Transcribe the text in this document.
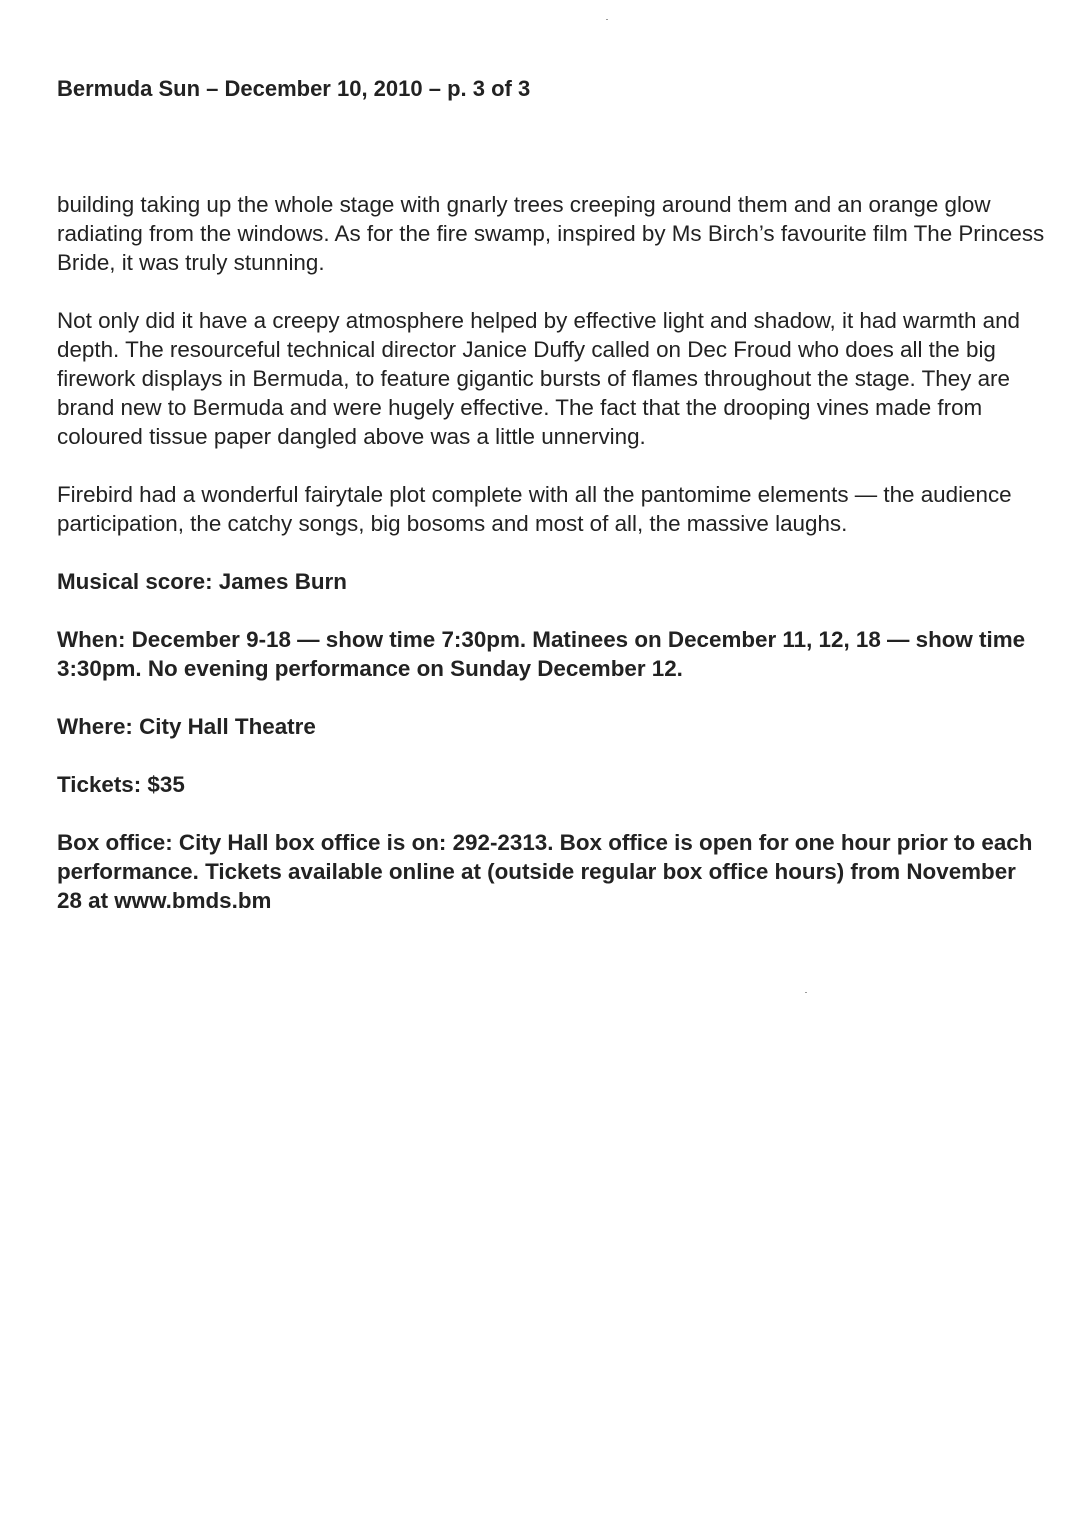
Bermuda Sun – December 10, 2010 – p. 3 of 3

building taking up the whole stage with gnarly trees creeping around them and an orange glow radiating from the windows. As for the fire swamp, inspired by Ms Birch’s favourite film The Princess Bride, it was truly stunning.

Not only did it have a creepy atmosphere helped by effective light and shadow, it had warmth and depth. The resourceful technical director Janice Duffy called on Dec Froud who does all the big firework displays in Bermuda, to feature gigantic bursts of flames throughout the stage. They are brand new to Bermuda and were hugely effective. The fact that the drooping vines made from coloured tissue paper dangled above was a little unnerving.

Firebird had a wonderful fairytale plot complete with all the pantomime elements — the audience participation, the catchy songs, big bosoms and most of all, the massive laughs.

Musical score: James Burn

When: December 9-18 — show time 7:30pm. Matinees on December 11, 12, 18 — show time 3:30pm. No evening performance on Sunday December 12.

Where: City Hall Theatre

Tickets: $35

Box office: City Hall box office is on: 292-2313. Box office is open for one hour prior to each performance. Tickets available online at (outside regular box office hours) from November 28 at www.bmds.bm
